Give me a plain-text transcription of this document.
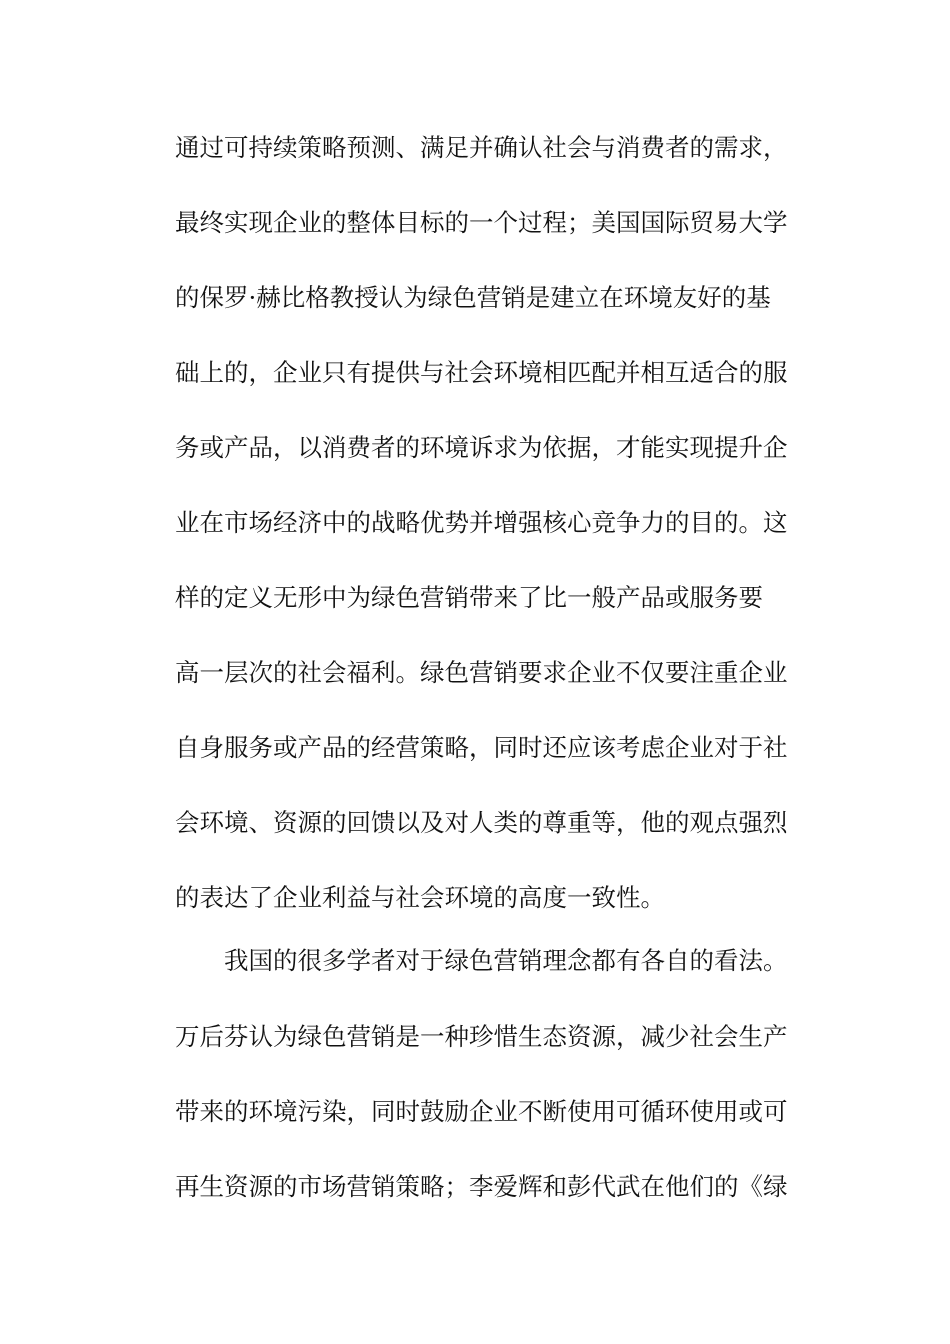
通过可持续策略预测、满足并确认社会与消费者的需求，
最终实现企业的整体目标的一个过程；美国国际贸易大学
的保罗·赫比格教授认为绿色营销是建立在环境友好的基
础上的，企业只有提供与社会环境相匹配并相互适合的服
务或产品，以消费者的环境诉求为依据，才能实现提升企
业在市场经济中的战略优势并增强核心竞争力的目的。这
样的定义无形中为绿色营销带来了比一般产品或服务要
高一层次的社会福利。绿色营销要求企业不仅要注重企业
自身服务或产品的经营策略，同时还应该考虑企业对于社
会环境、资源的回馈以及对人类的尊重等，他的观点强烈
的表达了企业利益与社会环境的高度一致性。
我国的很多学者对于绿色营销理念都有各自的看法。
万后芬认为绿色营销是一种珍惜生态资源，减少社会生产
带来的环境污染，同时鼓励企业不断使用可循环使用或可
再生资源的市场营销策略；李爱辉和彭代武在他们的《绿
